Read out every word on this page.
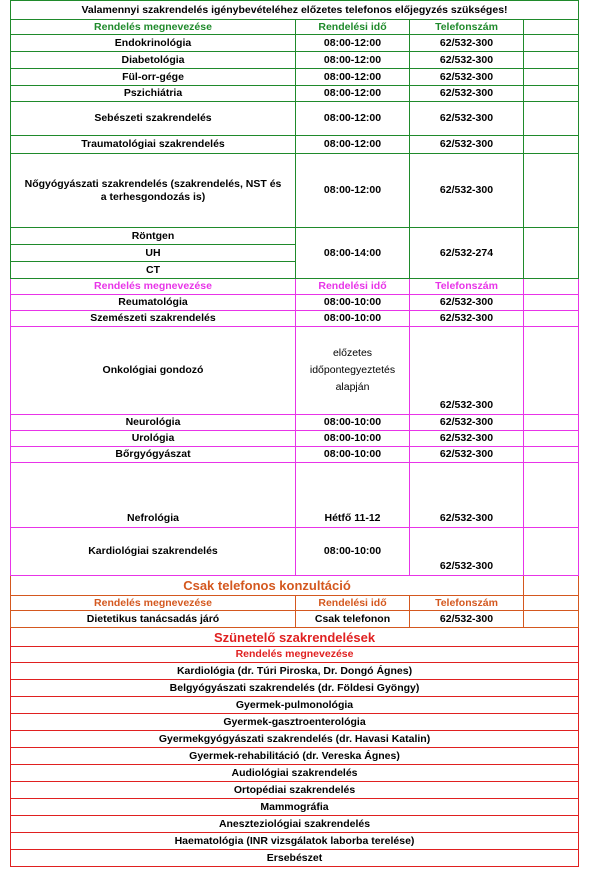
Valamennyi szakrendelés igénybevételéhez előzetes telefonos előjegyzés szükséges!			
Rendelés megnevezése	Rendelési idő	Telefonszám	
Endokrinológia	08:00-12:00	62/532-300	
Diabetológia	08:00-12:00	62/532-300	
Fül-orr-gége	08:00-12:00	62/532-300	
Pszichiátria	08:00-12:00	62/532-300	
Sebészeti szakrendelés	08:00-12:00	62/532-300	
Traumatológiai szakrendelés	08:00-12:00	62/532-300	
Nőgyógyászati szakrendelés (szakrendelés, NST és a terhesgondozás is)	08:00-12:00	62/532-300	
Röntgen	08:00-14:00	62/532-274	
UH			
CT			
Rendelés megnevezése	Rendelési idő	Telefonszám	
Reumatológia	08:00-10:00	62/532-300	
Szemészeti szakrendelés	08:00-10:00	62/532-300	
Onkológiai gondozó	előzetes időpontegyeztetés alapján	62/532-300	
Neurológia	08:00-10:00	62/532-300	
Urológia	08:00-10:00	62/532-300	
Bőrgyógyászat	08:00-10:00	62/532-300	
Nefrológia	Hétfő 11-12	62/532-300	
Kardiológiai szakrendelés	08:00-10:00	62/532-300	
Csak telefonos konzultáció			
Rendelés megnevezése	Rendelési idő	Telefonszám	
Dietetikus tanácsadás járó	Csak telefonon	62/532-300	
Szünetelő szakrendelések			
Rendelés megnevezése			
Kardiológia (dr. Túri Piroska, Dr. Dongó Ágnes)			
Belgyógyászati szakrendelés (dr. Földesi Gyöngy)			
Gyermek-pulmonológia			
Gyermek-gasztroenterológia			
Gyermekgyógyászati szakrendelés (dr. Havasi Katalin)			
Gyermek-rehabilitáció (dr. Vereska Ágnes)			
Audiológiai szakrendelés			
Ortopédiai szakrendelés			
Mammográfia			
Aneszteziológiai szakrendelés			
Haematológia (INR vizsgálatok laborba terelése)			
Ersebészet			
